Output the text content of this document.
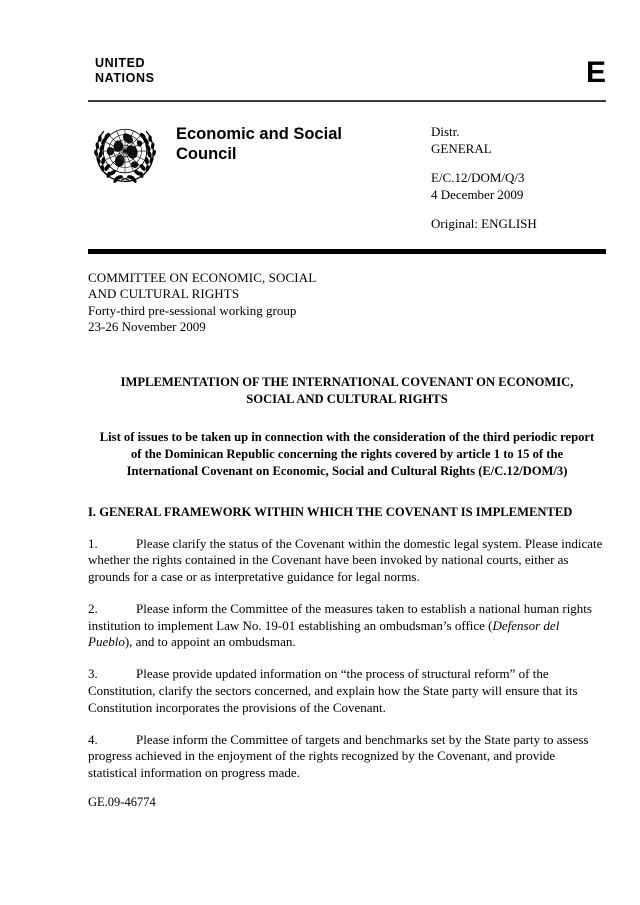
UNITED
NATIONS	E
Economic and Social
Council
Distr.
GENERAL
E/C.12/DOM/Q/3
4 December 2009
Original: ENGLISH
COMMITTEE ON ECONOMIC, SOCIAL
AND CULTURAL RIGHTS
Forty-third pre-sessional working group
23-26 November 2009
IMPLEMENTATION OF THE INTERNATIONAL COVENANT ON ECONOMIC, SOCIAL AND CULTURAL RIGHTS
List of issues to be taken up in connection with the consideration of the third periodic report of the Dominican Republic concerning the rights covered by article 1 to 15 of the International Covenant on Economic, Social and Cultural Rights (E/C.12/DOM/3)
I. GENERAL FRAMEWORK WITHIN WHICH THE COVENANT IS IMPLEMENTED
1.	Please clarify the status of the Covenant within the domestic legal system. Please indicate whether the rights contained in the Covenant have been invoked by national courts, either as grounds for a case or as interpretative guidance for legal norms.
2.	Please inform the Committee of the measures taken to establish a national human rights institution to implement Law No. 19-01 establishing an ombudsman’s office (Defensor del Pueblo), and to appoint an ombudsman.
3.	Please provide updated information on “the process of structural reform” of the Constitution, clarify the sectors concerned, and explain how the State party will ensure that its Constitution incorporates the provisions of the Covenant.
4.	Please inform the Committee of targets and benchmarks set by the State party to assess progress achieved in the enjoyment of the rights recognized by the Covenant, and provide statistical information on progress made.
GE.09-46774
